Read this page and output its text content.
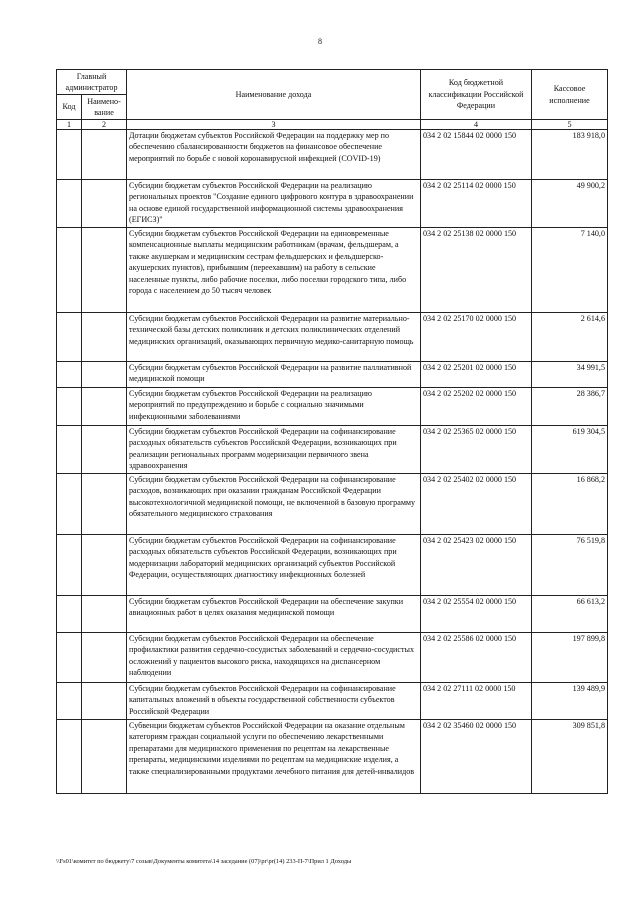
8
Главный администратор		Наименование дохода	Код бюджетной классификации Российской Федерации	Кассовое исполнение
Код	Наимено-вание			
1	2	3	4	5
		Дотации бюджетам субъектов Российской Федерации на поддержку мер по обеспечению сбалансированности бюджетов на финансовое обеспечение мероприятий по борьбе с новой коронавирусной инфекцией (COVID-19)	034 2 02 15844 02 0000 150	183 918,0
		Субсидии бюджетам субъектов Российской Федерации на реализацию региональных проектов "Создание единого цифрового контура в здравоохранении на основе единой государственной информационной системы здравоохранения (ЕГИСЗ)"	034 2 02 25114 02 0000 150	49 900,2
		Субсидии бюджетам субъектов Российской Федерации на единовременные компенсационные выплаты медицинским работникам (врачам, фельдшерам, а также акушеркам и медицинским сестрам фельдшерских и фельдшерско-акушерских пунктов), прибывшим (переехавшим) на работу в сельские населенные пункты, либо рабочие поселки, либо поселки городского типа, либо города с населением до 50 тысяч человек	034 2 02 25138 02 0000 150	7 140,0
		Субсидии бюджетам субъектов Российской Федерации на развитие материально-технической базы детских поликлиник и детских поликлинических отделений медицинских организаций, оказывающих первичную медико-санитарную помощь	034 2 02 25170 02 0000 150	2 614,6
		Субсидии бюджетам субъектов Российской Федерации на развитие паллиативной медицинской помощи	034 2 02 25201 02 0000 150	34 991,5
		Субсидии бюджетам субъектов Российской Федерации на реализацию мероприятий по предупреждению и борьбе с социально значимыми инфекционными заболеваниями	034 2 02 25202 02 0000 150	28 386,7
		Субсидии бюджетам субъектов Российской Федерации на софинансирование расходных обязательств субъектов Российской Федерации, возникающих при реализации региональных программ модернизации первичного звена здравоохранения	034 2 02 25365 02 0000 150	619 304,5
		Субсидии бюджетам субъектов Российской Федерации на софинансирование расходов, возникающих при оказании гражданам Российской Федерации высокотехнологичной медицинской помощи, не включенной в базовую программу обязательного медицинского страхования	034 2 02 25402 02 0000 150	16 868,2
		Субсидии бюджетам субъектов Российской Федерации на софинансирование расходных обязательств субъектов Российской Федерации, возникающих при модернизации лабораторий медицинских организаций субъектов Российской Федерации, осуществляющих диагностику инфекционных болезней	034 2 02 25423 02 0000 150	76 519,8
		Субсидии бюджетам субъектов Российской Федерации на обеспечение закупки авиационных работ в целях оказания медицинской помощи	034 2 02 25554 02 0000 150	66 613,2
		Субсидии бюджетам субъектов Российской Федерации на обеспечение профилактики развития сердечно-сосудистых заболеваний и сердечно-сосудистых осложнений у пациентов высокого риска, находящихся на диспансерном наблюдении	034 2 02 25586 02 0000 150	197 899,8
		Субсидии бюджетам субъектов Российской Федерации на софинансирование капитальных вложений в объекты государственной собственности субъектов Российской Федерации	034 2 02 27111 02 0000 150	139 489,9
		Субвенции бюджетам субъектов Российской Федерации на оказание отдельным категориям граждан социальной услуги по обеспечению лекарственными препаратами для медицинского применения по рецептам на лекарственные препараты, медицинскими изделиями по рецептам на медицинские изделия, а также специализированными продуктами лечебного питания для детей-инвалидов	034 2 02 35460 02 0000 150	309 851,8
\\Fs01\комитет по бюджету\7 созыв\Документы комитета\14 заседание (07)\pr\pr(14) 233-П-7\Прил 1 Доходы
